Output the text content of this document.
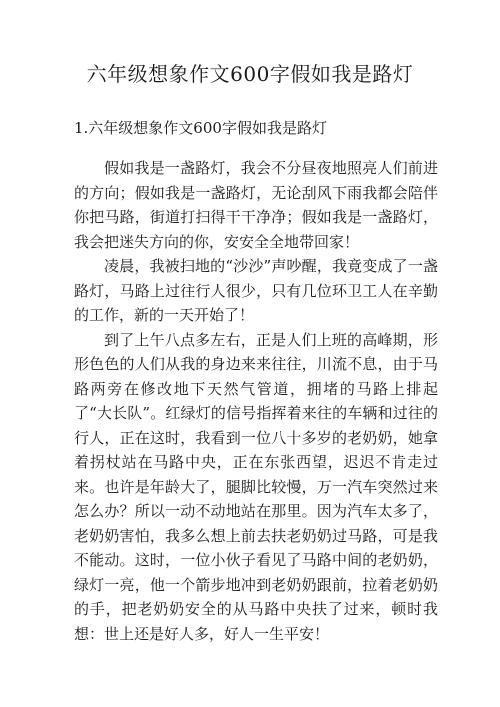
六年级想象作文600字假如我是路灯

1.六年级想象作文600字假如我是路灯

假如我是一盏路灯，我会不分昼夜地照亮人们前进的方向；假如我是一盏路灯，无论刮风下雨我都会陪伴你把马路，街道打扫得干干净净；假如我是一盏路灯，我会把迷失方向的你，安安全全地带回家！

凌晨，我被扫地的“沙沙”声吵醒，我竟变成了一盏路灯，马路上过往行人很少，只有几位环卫工人在辛勤的工作，新的一天开始了！

到了上午八点多左右，正是人们上班的高峰期，形形色色的人们从我的身边来来往往，川流不息，由于马路两旁在修改地下天然气管道，拥堵的马路上排起了“大长队”。红绿灯的信号指挥着来往的车辆和过往的行人，正在这时，我看到一位八十多岁的老奶奶，她拿着拐杖站在马路中央，正在东张西望，迟迟不肯走过来。也许是年龄大了，腿脚比较慢，万一汽车突然过来怎么办？所以一动不动地站在那里。因为汽车太多了，老奶奶害怕，我多么想上前去扶老奶奶过马路，可是我不能动。这时，一位小伙子看见了马路中间的老奶奶，绿灯一亮，他一个箭步地冲到老奶奶跟前，拉着老奶奶的手，把老奶奶安全的从马路中央扶了过来，顿时我想：世上还是好人多，好人一生平安！
